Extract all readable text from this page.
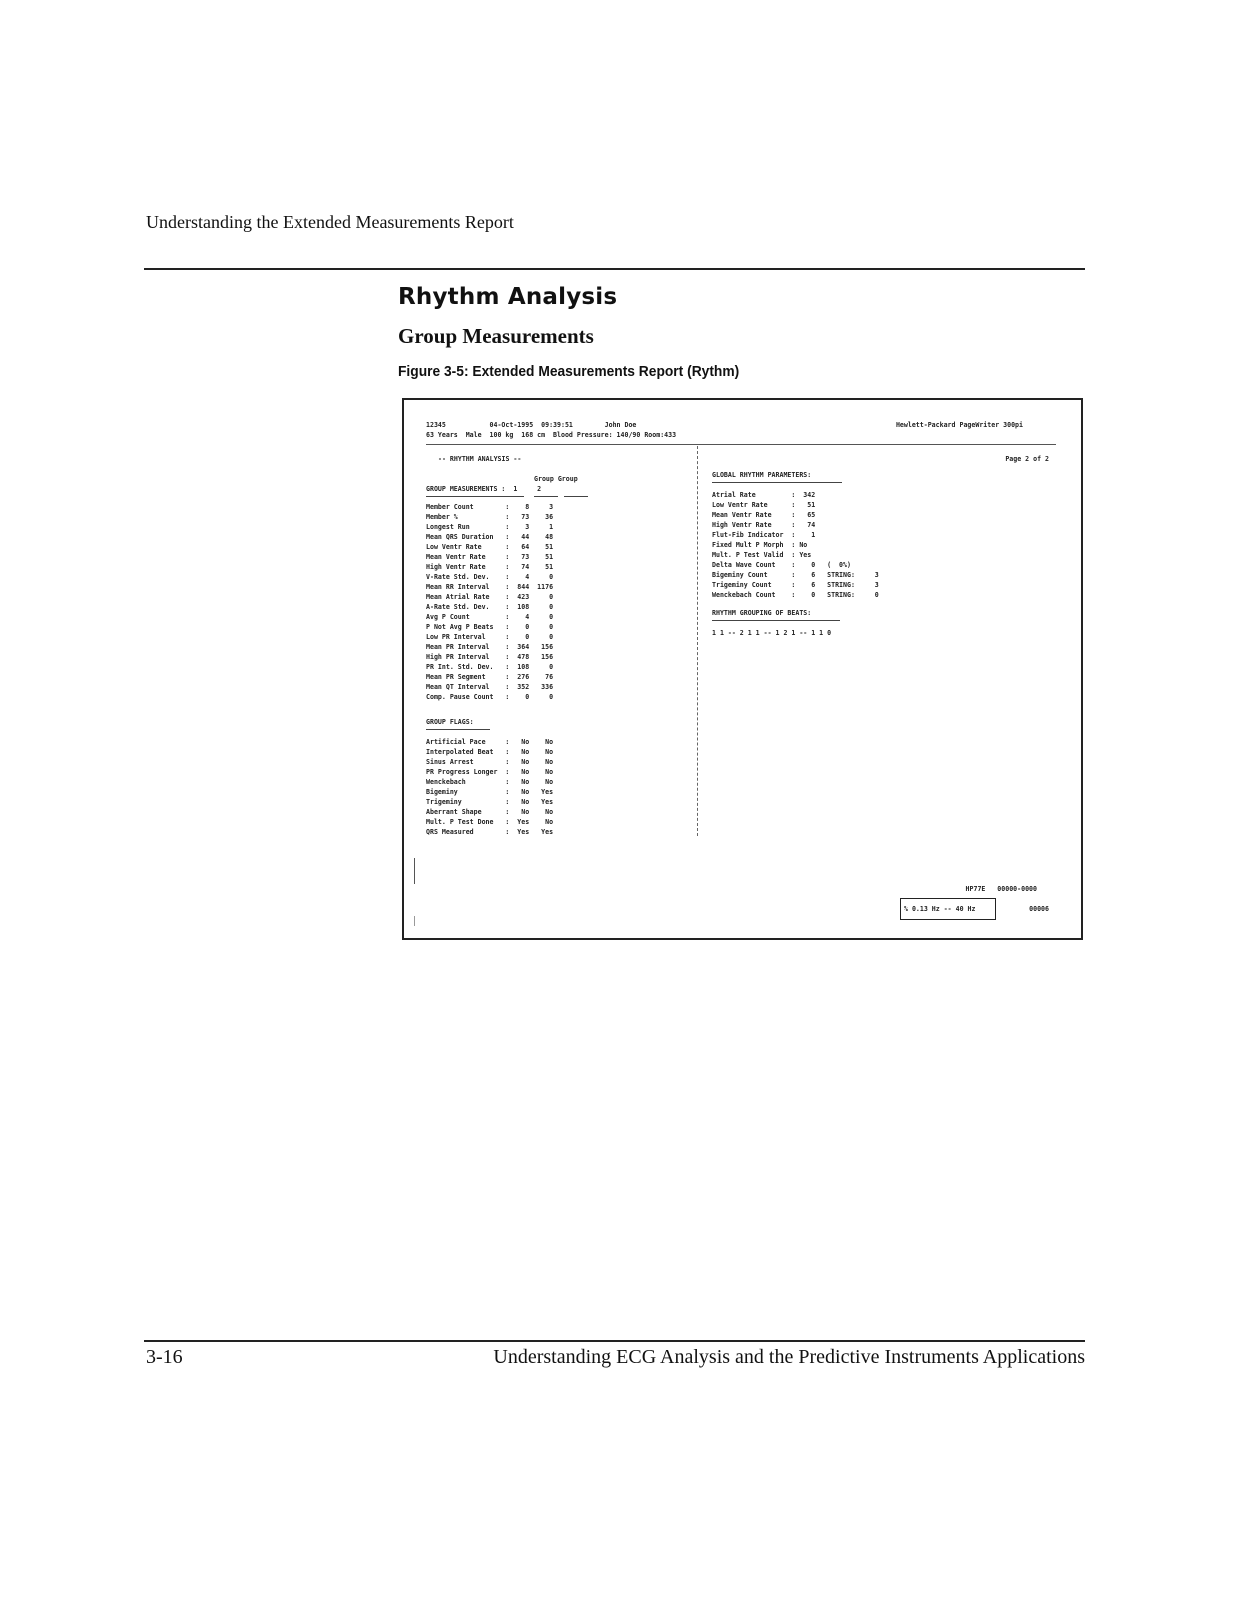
Understanding the Extended Measurements Report
Rhythm Analysis
Group Measurements
Figure 3-5: Extended Measurements Report (Rythm)
12345           04-Oct-1995  09:39:51        John Doe
63 Years  Male  100 kg  168 cm  Blood Pressure: 140/90 Room:433
Hewlett-Packard PageWriter 300pi
Page 2 of 2
-- RHYTHM ANALYSIS --
Group Group
GROUP MEASUREMENTS :  1     2
Member Count        :    8     3
Member %            :   73    36
Longest Run         :    3     1
Mean QRS Duration   :   44    48
Low Ventr Rate      :   64    51
Mean Ventr Rate     :   73    51
High Ventr Rate     :   74    51
V-Rate Std. Dev.    :    4     0
Mean RR Interval    :  844  1176
Mean Atrial Rate    :  423     0
A-Rate Std. Dev.    :  108     0
Avg P Count         :    4     0
P Not Avg P Beats   :    0     0
Low PR Interval     :    0     0
Mean PR Interval    :  364   156
High PR Interval    :  478   156
PR Int. Std. Dev.   :  108     0
Mean PR Segment     :  276    76
Mean QT Interval    :  352   336
Comp. Pause Count   :    0     0
GROUP FLAGS:
Artificial Pace     :   No    No
Interpolated Beat   :   No    No
Sinus Arrest        :   No    No
PR Progress Longer  :   No    No
Wenckebach          :   No    No
Bigeminy            :   No   Yes
Trigeminy           :   No   Yes
Aberrant Shape      :   No    No
Mult. P Test Done   :  Yes    No
QRS Measured        :  Yes   Yes
GLOBAL RHYTHM PARAMETERS:
Atrial Rate         :  342
Low Ventr Rate      :   51
Mean Ventr Rate     :   65
High Ventr Rate     :   74
Flut-Fib Indicator  :    1
Fixed Mult P Morph  : No
Mult. P Test Valid  : Yes
Delta Wave Count    :    0   (  0%)
Bigeminy Count      :    6   STRING:     3
Trigeminy Count     :    6   STRING:     3
Wenckebach Count    :    0   STRING:     0
RHYTHM GROUPING OF BEATS:
1 1 -- 2 1 1 -- 1 2 1 -- 1 1 0
HP77E   00000-0000
% 0.13 Hz -- 40 Hz	00006
3-16	Understanding ECG Analysis and the Predictive Instruments Applications
